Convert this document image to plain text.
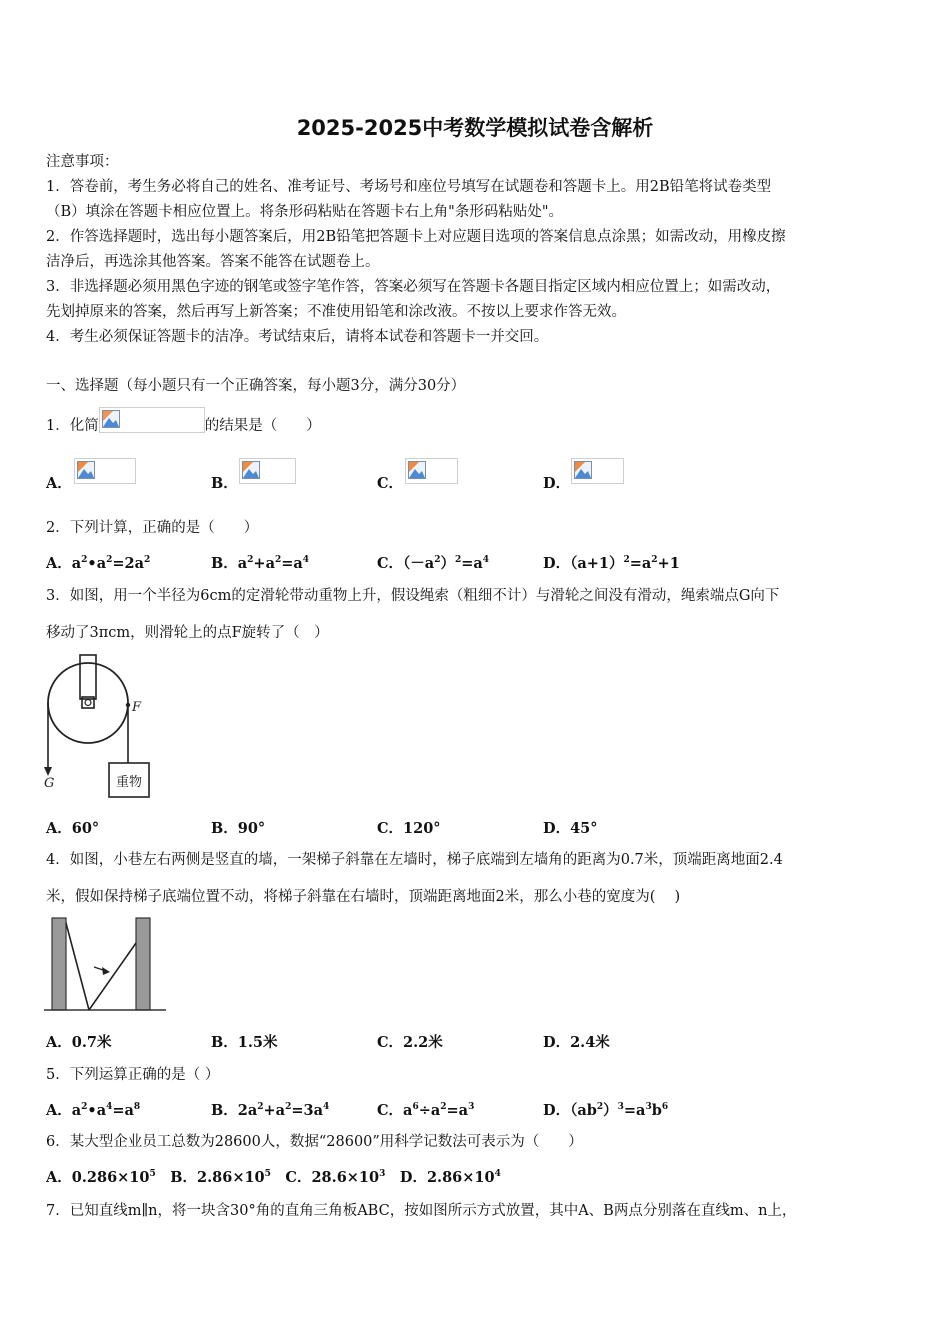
2025-2025中考数学模拟试卷含解析
注意事项：
1．答卷前，考生务必将自己的姓名、准考证号、考场号和座位号填写在试题卷和答题卡上。用2B铅笔将试卷类型
（B）填涂在答题卡相应位置上。将条形码粘贴在答题卡右上角"条形码粘贴处"。
2．作答选择题时，选出每小题答案后，用2B铅笔把答题卡上对应题目选项的答案信息点涂黑；如需改动，用橡皮擦
洁净后，再选涂其他答案。答案不能答在试题卷上。
3．非选择题必须用黑色字迹的钢笔或签字笔作答，答案必须写在答题卡各题目指定区域内相应位置上；如需改动，
先划掉原来的答案，然后再写上新答案；不准使用铅笔和涂改液。不按以上要求作答无效。
4．考生必须保证答题卡的洁净。考试结束后，请将本试卷和答题卡一并交回。
一、选择题（每小题只有一个正确答案，每小题3分，满分30分）
1．化简	的结果是（　　）
A．	B．	C．	D．
2．下列计算，正确的是（　　）
A．$a^2•a^2=2a^2$	B．$a^2+a^2=a^4$	C．$(-a^2)^2=a^4$	D．$(a+1)^2=a^2+1$
3．如图，用一个半径为6cm的定滑轮带动重物上升，假设绳索（粗细不计）与滑轮之间没有滑动，绳索端点G向下
移动了3πcm，则滑轮上的点F旋转了（　）
重物
F
G
A．60°	B．90°	C．120°	D．45°
4．如图，小巷左右两侧是竖直的墙，一架梯子斜靠在左墙时，梯子底端到左墙角的距离为0.7米，顶端距离地面2.4
米，假如保持梯子底端位置不动，将梯子斜靠在右墙时，顶端距离地面2米，那么小巷的宽度为(　 )
A．0.7米	B．1.5米	C．2.2米	D．2.4米
5．下列运算正确的是（ ）
A．$a^2•a^4=a^8$	B．$2a^2+a^2=3a^4$	C．$a^6\div a^2=a^3$	D．$(ab^2)^3=a^3b^6$
6．某大型企业员工总数为28600人，数据“28600”用科学记数法可表示为（　　）
A．$0.286\times 10^5$　B．$2.86\times 10^5$　C．$28.6\times 10^3$　D．$2.86\times 10^4$
7．已知直线m∥n，将一块含30°角的直角三角板ABC，按如图所示方式放置，其中A、B两点分别落在直线m、n上，
